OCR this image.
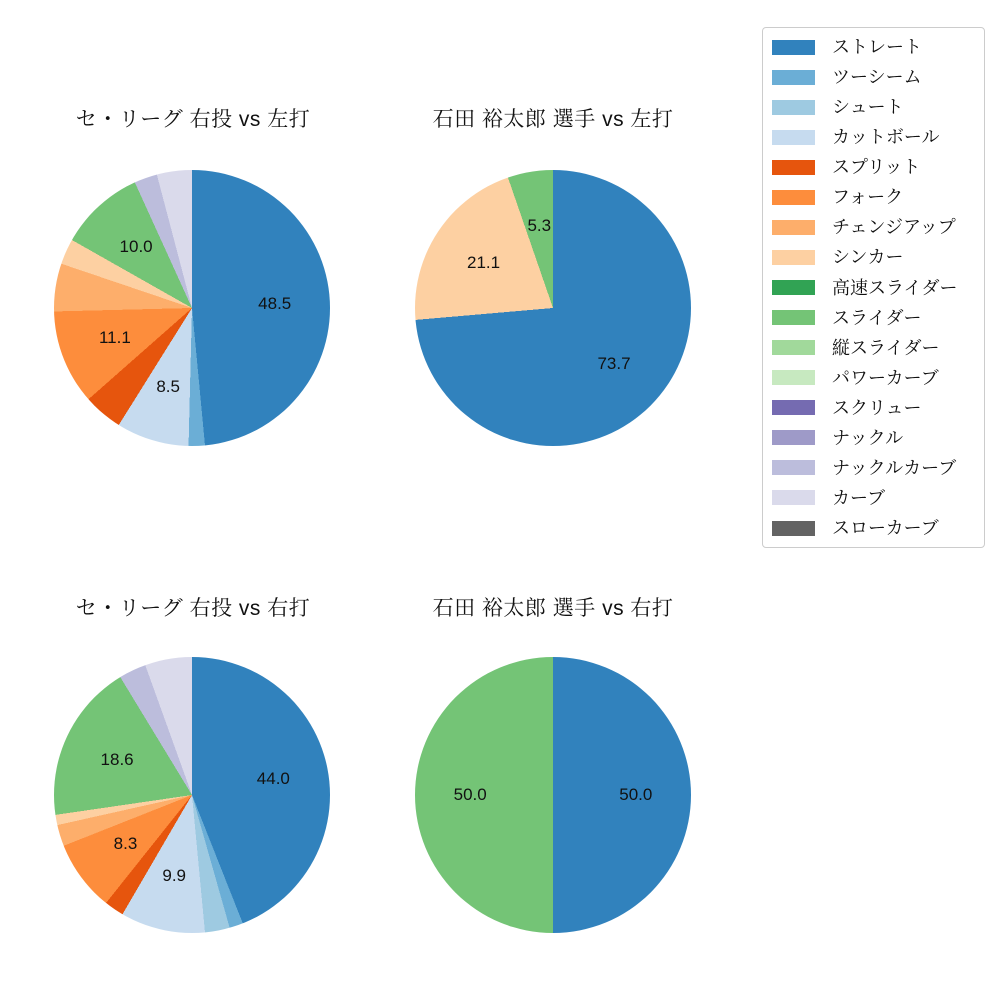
セ・リーグ 右投 vs 左打	石田 裕太郎 選手 vs 左打
セ・リーグ 右投 vs 右打	石田 裕太郎 選手 vs 右打
48.5
8.5
11.1
10.0
73.7
21.1
5.3
44.0
9.9
8.3
18.6
50.0
50.0
ストレート
ツーシーム
シュート
カットボール
スプリット
フォーク
チェンジアップ
シンカー
高速スライダー
スライダー
縦スライダー
パワーカーブ
スクリュー
ナックル
ナックルカーブ
カーブ
スローカーブ
